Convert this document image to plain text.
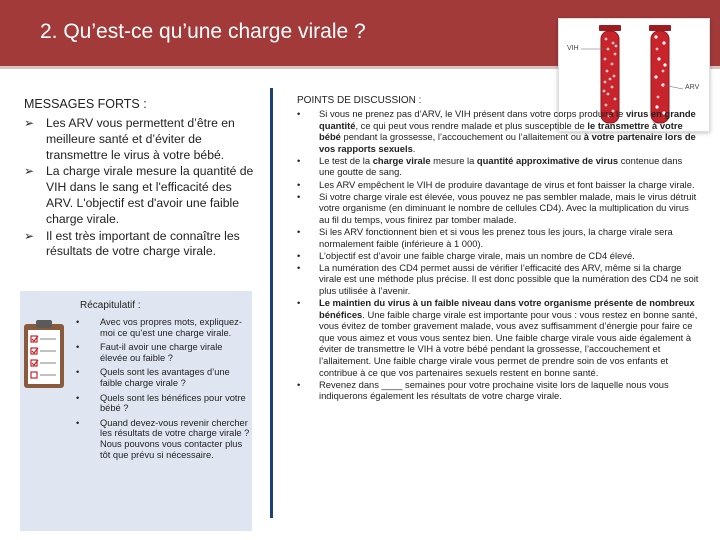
2. Qu’est-ce qu’une charge virale ?
VIH
ARV
MESSAGES FORTS :
➢ Les ARV vous permettent d’être en meilleure santé et d’éviter de transmettre le virus à votre bébé.
➢ La charge virale mesure la quantité de VIH dans le sang et l'efficacité des ARV. L'objectif est d'avoir une faible charge virale.
➢ Il est très important de connaître les résultats de votre charge virale.
Récapitulatif :
• Avec vos propres mots, expliquez-moi ce qu’est une charge virale.
• Faut-il avoir une charge virale élevée ou faible ?
• Quels sont les avantages d’une faible charge virale ?
• Quels sont les bénéfices pour votre bébé ?
• Quand devez-vous revenir chercher les résultats de votre charge virale ? Nous pouvons vous contacter plus tôt que prévu si nécessaire.
POINTS DE DISCUSSION :
• Si vous ne prenez pas d’ARV, le VIH présent dans votre corps produira le virus en grande quantité, ce qui peut vous rendre malade et plus susceptible de le transmettre à votre bébé pendant la grossesse, l’accouchement ou l’allaitement ou à votre partenaire lors de vos rapports sexuels.
• Le test de la charge virale mesure la quantité approximative de virus contenue dans une goutte de sang.
• Les ARV empêchent le VIH de produire davantage de virus et font baisser la charge virale.
• Si votre charge virale est élevée, vous pouvez ne pas sembler malade, mais le virus détruit votre organisme (en diminuant le nombre de cellules CD4). Avec la multiplication du virus au fil du temps, vous finirez par tomber malade.
• Si les ARV fonctionnent bien et si vous les prenez tous les jours, la charge virale sera normalement faible (inférieure à 1 000).
• L’objectif est d’avoir une faible charge virale, mais un nombre de CD4 élevé.
• La numération des CD4 permet aussi de vérifier l’efficacité des ARV, même si la charge virale est une méthode plus précise. Il est donc possible que la numération des CD4 ne soit plus utilisée à l’avenir.
• Le maintien du virus à un faible niveau dans votre organisme présente de nombreux bénéfices. Une faible charge virale est importante pour vous : vous restez en bonne santé, vous évitez de tomber gravement malade, vous avez suffisamment d’énergie pour faire ce que vous aimez et vous vous sentez bien. Une faible charge virale vous aide également à éviter de transmettre le VIH à votre bébé pendant la grossesse, l’accouchement et l’allaitement. Une faible charge virale vous permet de prendre soin de vos enfants et contribue à ce que vos partenaires sexuels restent en bonne santé.
• Revenez dans ____ semaines pour votre prochaine visite lors de laquelle nous vous indiquerons également les résultats de votre charge virale.
